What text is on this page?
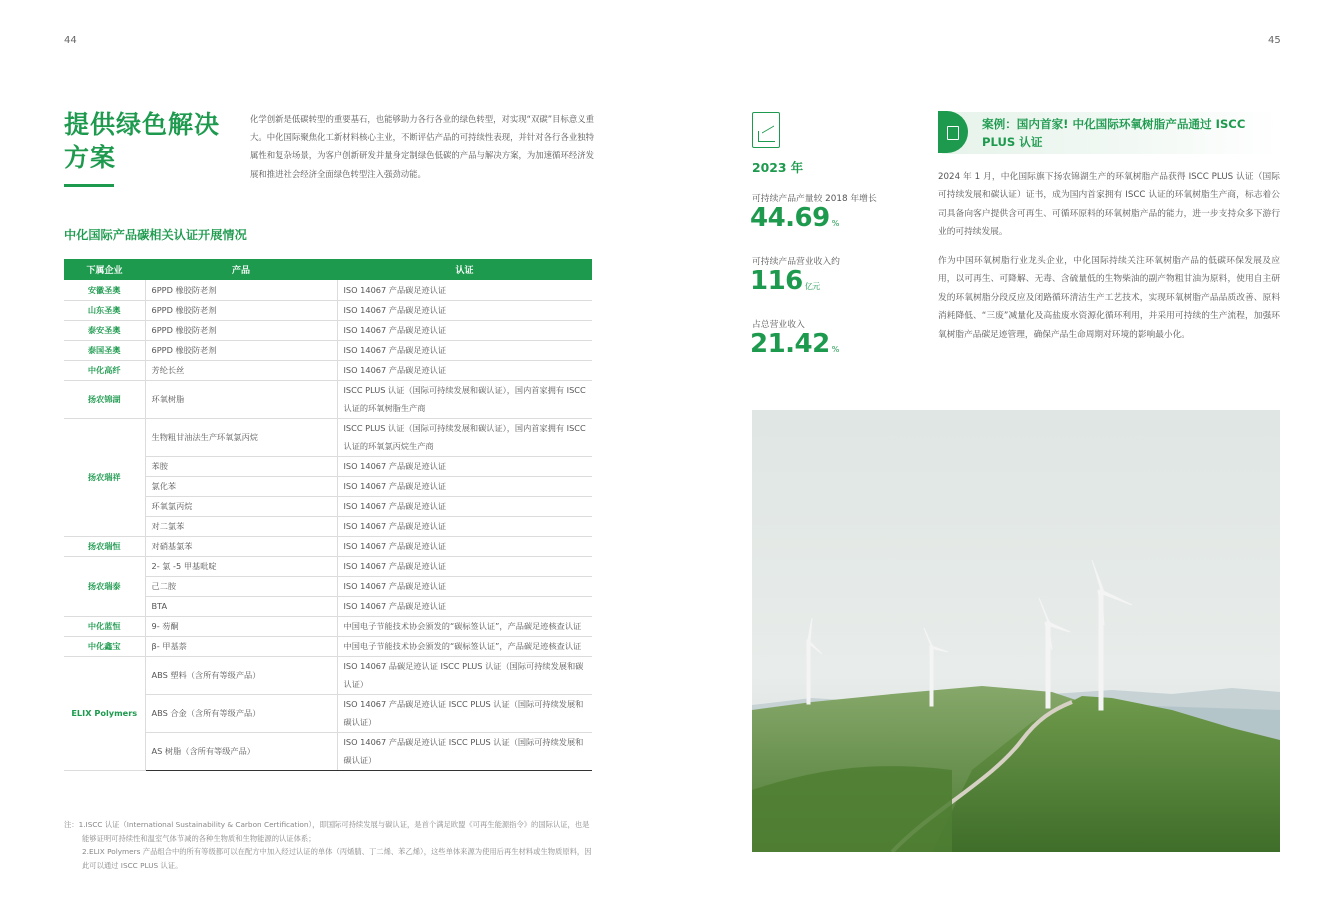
44	45
提供绿色解决方案
化学创新是低碳转型的重要基石，也能够助力各行各业的绿色转型，对实现“双碳”目标意义重大。中化国际聚焦化工新材料核心主业，不断评估产品的可持续性表现，并针对各行各业独特属性和复杂场景，为客户创新研发并量身定制绿色低碳的产品与解决方案，为加速循环经济发展和推进社会经济全面绿色转型注入强劲动能。
中化国际产品碳相关认证开展情况
下属企业	产品	认证
安徽圣奥	6PPD 橡胶防老剂	ISO 14067 产品碳足迹认证
山东圣奥	6PPD 橡胶防老剂	ISO 14067 产品碳足迹认证
泰安圣奥	6PPD 橡胶防老剂	ISO 14067 产品碳足迹认证
泰国圣奥	6PPD 橡胶防老剂	ISO 14067 产品碳足迹认证
中化高纤	芳纶长丝	ISO 14067 产品碳足迹认证
扬农锦湖	环氧树脂	ISCC PLUS 认证（国际可持续发展和碳认证），国内首家拥有 ISCC 认证的环氧树脂生产商
扬农瑞祥	生物粗甘油法生产环氧氯丙烷	ISCC PLUS 认证（国际可持续发展和碳认证），国内首家拥有 ISCC 认证的环氧氯丙烷生产商
	苯胺	ISO 14067 产品碳足迹认证
	氯化苯	ISO 14067 产品碳足迹认证
	环氧氯丙烷	ISO 14067 产品碳足迹认证
	对二氯苯	ISO 14067 产品碳足迹认证
扬农瑞恒	对硝基氯苯	ISO 14067 产品碳足迹认证
扬农瑞泰	2- 氯 -5 甲基吡啶	ISO 14067 产品碳足迹认证
	己二胺	ISO 14067 产品碳足迹认证
	BTA	ISO 14067 产品碳足迹认证
中化蓝恒	9- 芴酮	中国电子节能技术协会颁发的“碳标签认证”，产品碳足迹核查认证
中化鑫宝	β- 甲基萘	中国电子节能技术协会颁发的“碳标签认证”，产品碳足迹核查认证
ELIX Polymers	ABS 塑料（含所有等级产品）	ISO 14067 品碳足迹认证 ISCC PLUS 认证（国际可持续发展和碳认证）
	ABS 合金（含所有等级产品）	ISO 14067 产品碳足迹认证 ISCC PLUS 认证（国际可持续发展和碳认证）
	AS 树脂（含所有等级产品）	ISO 14067 产品碳足迹认证 ISCC PLUS 认证（国际可持续发展和碳认证）

注：1.ISCC 认证（International Sustainability & Carbon Certification），即国际可持续发展与碳认证，是首个满足欧盟《可再生能源指令》的国际认证，也是能够证明可持续性和温室气体节减的各种生物质和生物能源的认证体系；

2.ELIX Polymers 产品组合中的所有等级都可以在配方中加入经过认证的单体（丙烯腈、丁二烯、苯乙烯），这些单体来源为使用后再生材料或生物质原料，因此可以通过 ISCC PLUS 认证。

2023 年
可持续产品产量较 2018 年增长
44.69 %
可持续产品营业收入约
116 亿元
占总营业收入
21.42 %
案例：国内首家! 中化国际环氧树脂产品通过 ISCC PLUS 认证
2024 年 1 月，中化国际旗下扬农锦湖生产的环氧树脂产品获得 ISCC PLUS 认证（国际可持续发展和碳认证）证书，成为国内首家拥有 ISCC 认证的环氧树脂生产商，标志着公司具备向客户提供含可再生、可循环原料的环氧树脂产品的能力，进一步支持众多下游行业的可持续发展。
作为中国环氧树脂行业龙头企业，中化国际持续关注环氧树脂产品的低碳环保发展及应用，以可再生、可降解、无毒、含硫量低的生物柴油的副产物粗甘油为原料，使用自主研发的环氧树脂分段反应及闭路循环清洁生产工艺技术，实现环氧树脂产品品质改善、原料消耗降低、“三废”减量化及高盐废水资源化循环利用，并采用可持续的生产流程，加强环氧树脂产品碳足迹管理，确保产品生命周期对环境的影响最小化。
